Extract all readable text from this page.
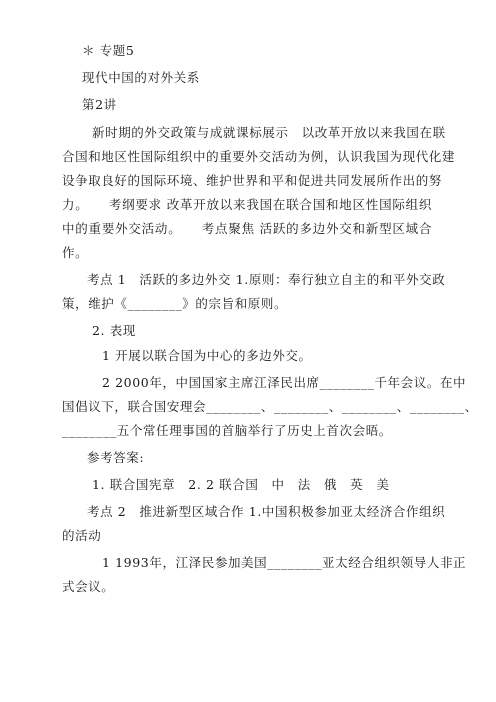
＊ 专题5
现代中国的对外关系
第2讲
新时期的外交政策与成就课标展示　以改革开放以来我国在联
合国和地区性国际组织中的重要外交活动为例，认识我国为现代化建
设争取良好的国际环境、维护世界和平和促进共同发展所作出的努
力。　　考纲要求 改革开放以来我国在联合国和地区性国际组织
中的重要外交活动。　　考点聚焦 活跃的多边外交和新型区域合
作。
考点 1　活跃的多边外交 1.原则：奉行独立自主的和平外交政
策，维护《________》的宗旨和原则。
2. 表现
1 开展以联合国为中心的多边外交。
2 2000年，中国国家主席江泽民出席________千年会议。在中
国倡议下，联合国安理会________、________、________、________、
________五个常任理事国的首脑举行了历史上首次会晤。
参考答案:
1. 联合国宪章　2. 2 联合国　中　法　俄　英　美
考点 2　推进新型区域合作 1.中国积极参加亚太经济合作组织
的活动
1 1993年，江泽民参加美国________亚太经合组织领导人非正
式会议。
